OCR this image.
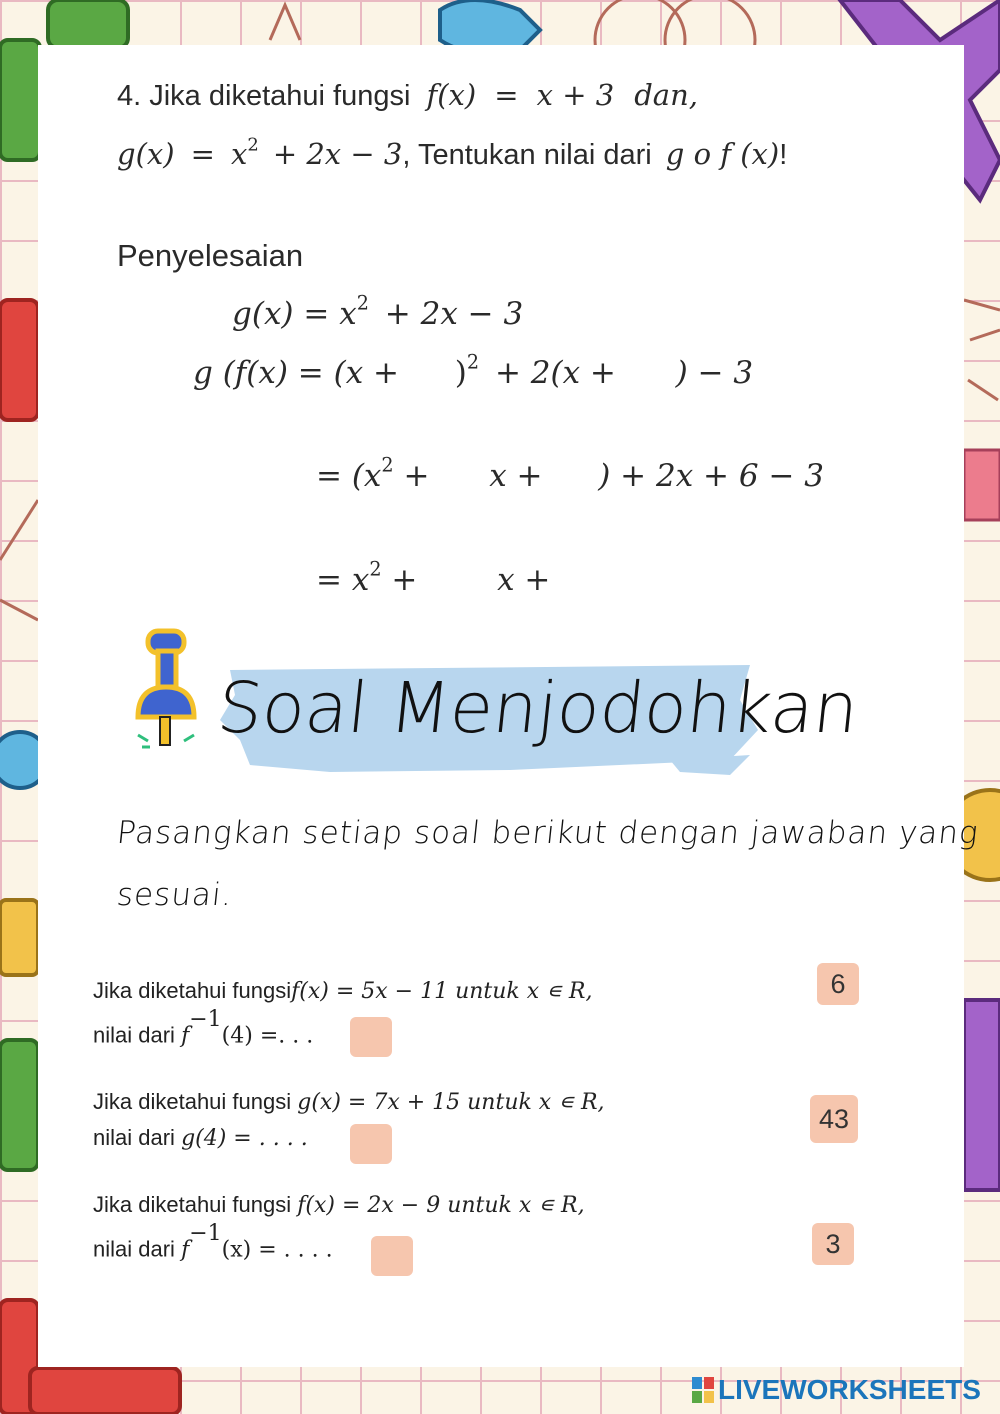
4. Jika diketahui fungsi f(x) = x + 3 dan,
$g(x) = x^2 + 2x - 3$, Tentukan nilai dari g o f (x)!
Penyelesaian
$g(x) = x^2 + 2x - 3$
g ($f(x) = (x + )^2 + 2(x$ + ) − 3
= ($x^2 + x$ + ) + 2x + 6 − 3
= $x^2$ +	x +
Soal Menjodohkan
Pasangkan setiap soal berikut dengan jawaban yang
sesuai.
Jika diketahui fungsif(x) = 5x − 11 untuk x ∊ R,
nilai dari $f^{-1}(4)$ =. . .
Jika diketahui fungsi g(x) = 7x + 15 untuk x ∊ R,
nilai dari g(4) = . . . .
Jika diketahui fungsi f(x) = 2x − 9 untuk x ∊ R,
nilai dari $f^{-1}(x)$ = . . . .
6
43
3
LIVEWORKSHEETS
